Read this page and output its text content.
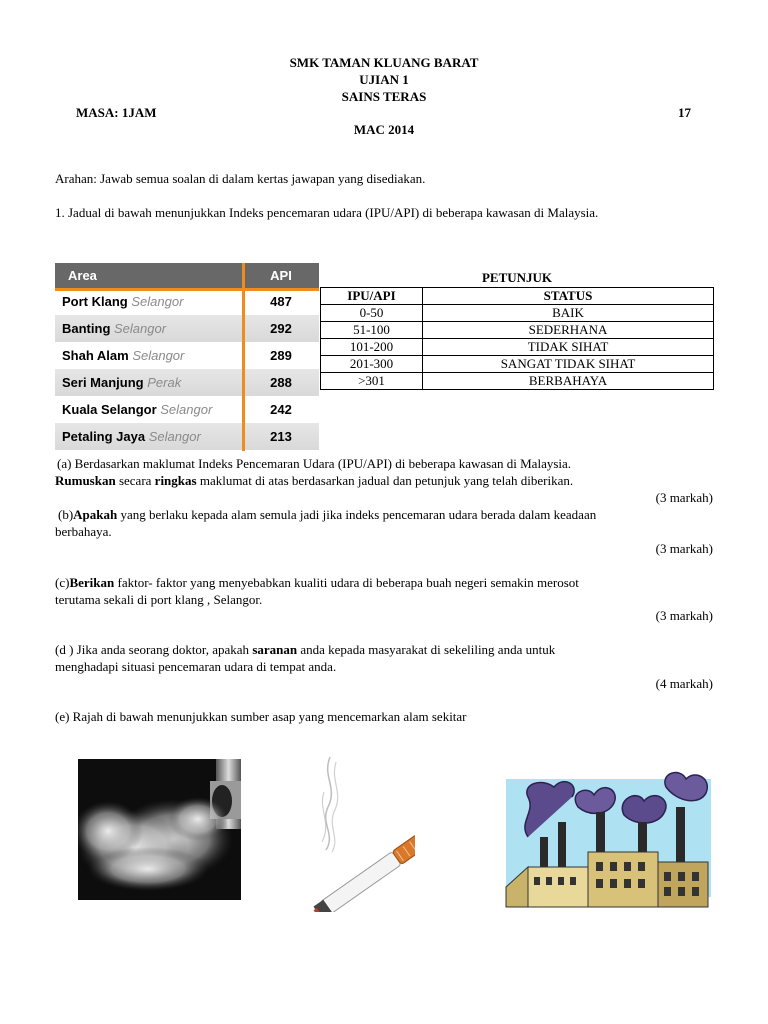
SMK TAMAN KLUANG BARAT
UJIAN 1
SAINS TERAS
MASA: 1JAM	17
MAC 2014
Arahan: Jawab semua soalan di dalam kertas jawapan yang disediakan.
1. Jadual di bawah menunjukkan Indeks pencemaran udara (IPU/API) di beberapa kawasan di Malaysia.
Area	API
Port Klang Selangor	487
Banting Selangor	292
Shah Alam Selangor	289
Seri Manjung Perak	288
Kuala Selangor Selangor	242
Petaling Jaya Selangor	213
PETUNJUK
IPU/API	STATUS
0-50	BAIK
51-100	SEDERHANA
101-200	TIDAK SIHAT
201-300	SANGAT TIDAK SIHAT
>301	BERBAHAYA
(a) Berdasarkan maklumat Indeks Pencemaran Udara (IPU/API) di beberapa kawasan di Malaysia.
Rumuskan secara ringkas maklumat di atas berdasarkan jadual dan petunjuk yang telah diberikan.
(3 markah)
(b)Apakah yang berlaku kepada alam semula jadi jika indeks pencemaran udara berada dalam keadaan
berbahaya.
(3 markah)
(c)Berikan faktor- faktor yang menyebabkan kualiti udara di beberapa buah negeri semakin merosot
terutama sekali di port klang , Selangor.
(3 markah)
(d ) Jika anda seorang doktor, apakah saranan anda kepada masyarakat di sekeliling anda untuk
menghadapi situasi pencemaran udara di tempat anda.
(4 markah)
(e) Rajah di bawah menunjukkan sumber asap yang mencemarkan alam sekitar
